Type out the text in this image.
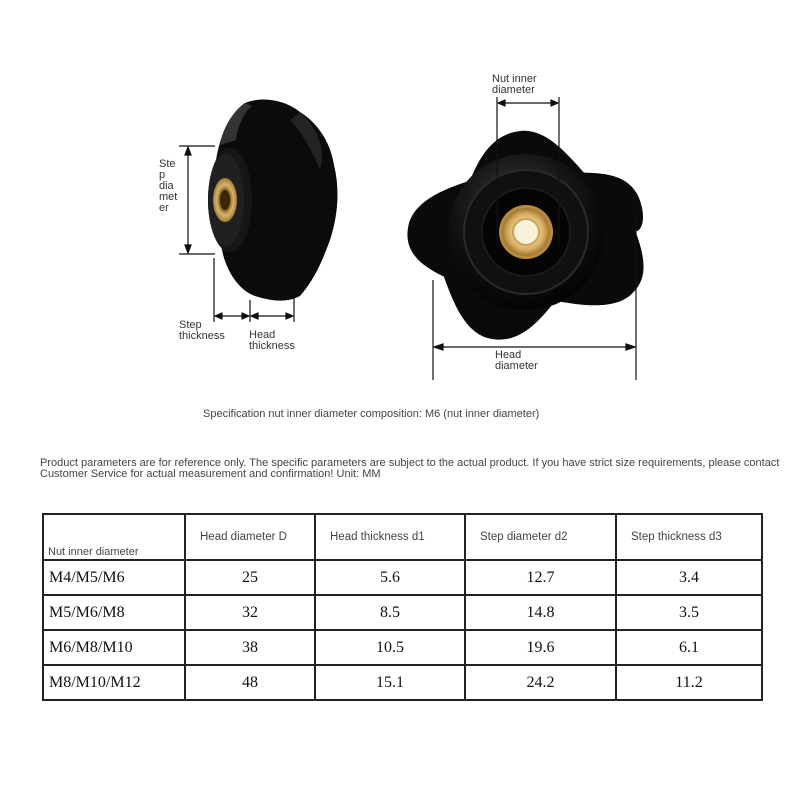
Ste
p
dia
met
er
Step
thickness Head
thickness
Nut inner
diameter
Head
diameter
Specification nut inner diameter composition: M6 (nut inner diameter)
Product parameters are for reference only. The specific parameters are subject to the actual product. If you have strict size requirements, please contact Customer Service for actual measurement and confirmation! Unit: MM
Nut inner diameter	Head diameter D	Head thickness d1	Step diameter d2	Step thickness d3
M4/M5/M6	25	5.6	12.7	3.4
M5/M6/M8	32	8.5	14.8	3.5
M6/M8/M10	38	10.5	19.6	6.1
M8/M10/M12	48	15.1	24.2	11.2
